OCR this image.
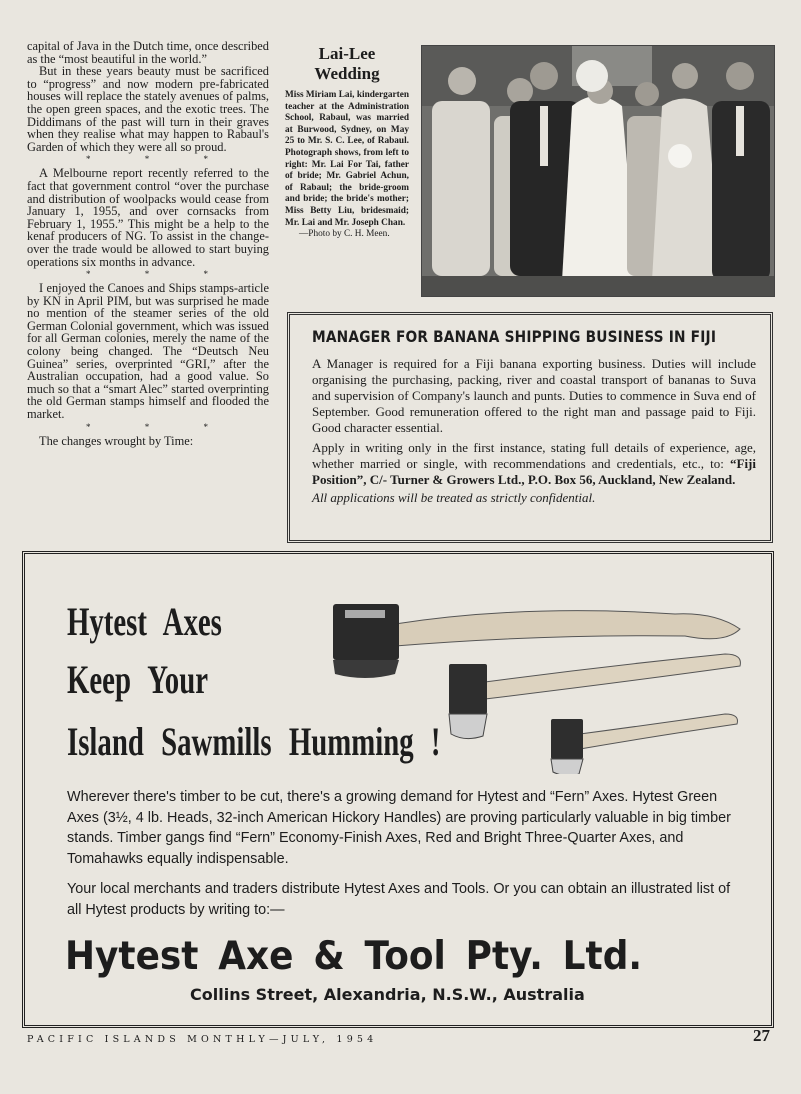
capital of Java in the Dutch time, once described as the “most beautiful in the world.”

But in these years beauty must be sacrificed to “progress” and now modern pre-fabricated houses will replace the stately avenues of palms, the open green spaces, and the exotic trees. The Diddimans of the past will turn in their graves when they realise what may happen to Rabaul's Garden of which they were all so proud.

* * *

A Melbourne report recently referred to the fact that government control “over the purchase and distribution of woolpacks would cease from January 1, 1955, and over cornsacks from February 1, 1955.” This might be a help to the kenaf producers of NG. To assist in the change-over the trade would be allowed to start buying operations six months in advance.

* * *

I enjoyed the Canoes and Ships stamps-article by KN in April PIM, but was surprised he made no mention of the steamer series of the old German Colonial government, which was issued for all German colonies, merely the name of the colony being changed. The “Deutsch Neu Guinea” series, overprinted “GRI,” after the Australian occupation, had a good value. So much so that a “smart Alec” started overprinting the old German stamps himself and flooded the market.

* * *

The changes wrought by Time:

Lai-Lee Wedding
Miss Miriam Lai, kindergarten teacher at the Administration School, Rabaul, was married at Burwood, Sydney, on May 25 to Mr. S. C. Lee, of Rabaul. Photograph shows, from left to right: Mr. Lai For Tai, father of bride; Mr. Gabriel Achun, of Rabaul; the bride-groom and bride; the bride's mother; Miss Betty Liu, bridesmaid; Mr. Lai and Mr. Joseph Chan.
—Photo by C. H. Meen.
MANAGER FOR BANANA SHIPPING BUSINESS IN FIJI

A Manager is required for a Fiji banana exporting business. Duties will include organising the purchasing, packing, river and coastal transport of bananas to Suva and supervision of Company's launch and punts. Duties to commence in Suva end of September. Good remuneration offered to the right man and passage paid to Fiji. Good character essential.

Apply in writing only in the first instance, stating full details of experience, age, whether married or single, with recommendations and credentials, etc., to: “Fiji Position”, C/- Turner & Growers Ltd., P.O. Box 56, Auckland, New Zealand.

All applications will be treated as strictly confidential.

Hytest Axes
Keep Your
Island Sawmills Humming !

Wherever there's timber to be cut, there's a growing demand for Hytest and “Fern” Axes. Hytest Green Axes (3½, 4 lb. Heads, 32-inch American Hickory Handles) are proving particularly valuable in big timber stands. Timber gangs find “Fern” Economy-Finish Axes, Red and Bright Three-Quarter Axes, and Tomahawks equally indispensable.

Your local merchants and traders distribute Hytest Axes and Tools. Or you can obtain an illustrated list of all Hytest products by writing to:—

Hytest Axe & Tool Pty. Ltd.
Collins Street, Alexandria, N.S.W., Australia
PACIFIC ISLANDS MONTHLY—JULY, 1954	27
